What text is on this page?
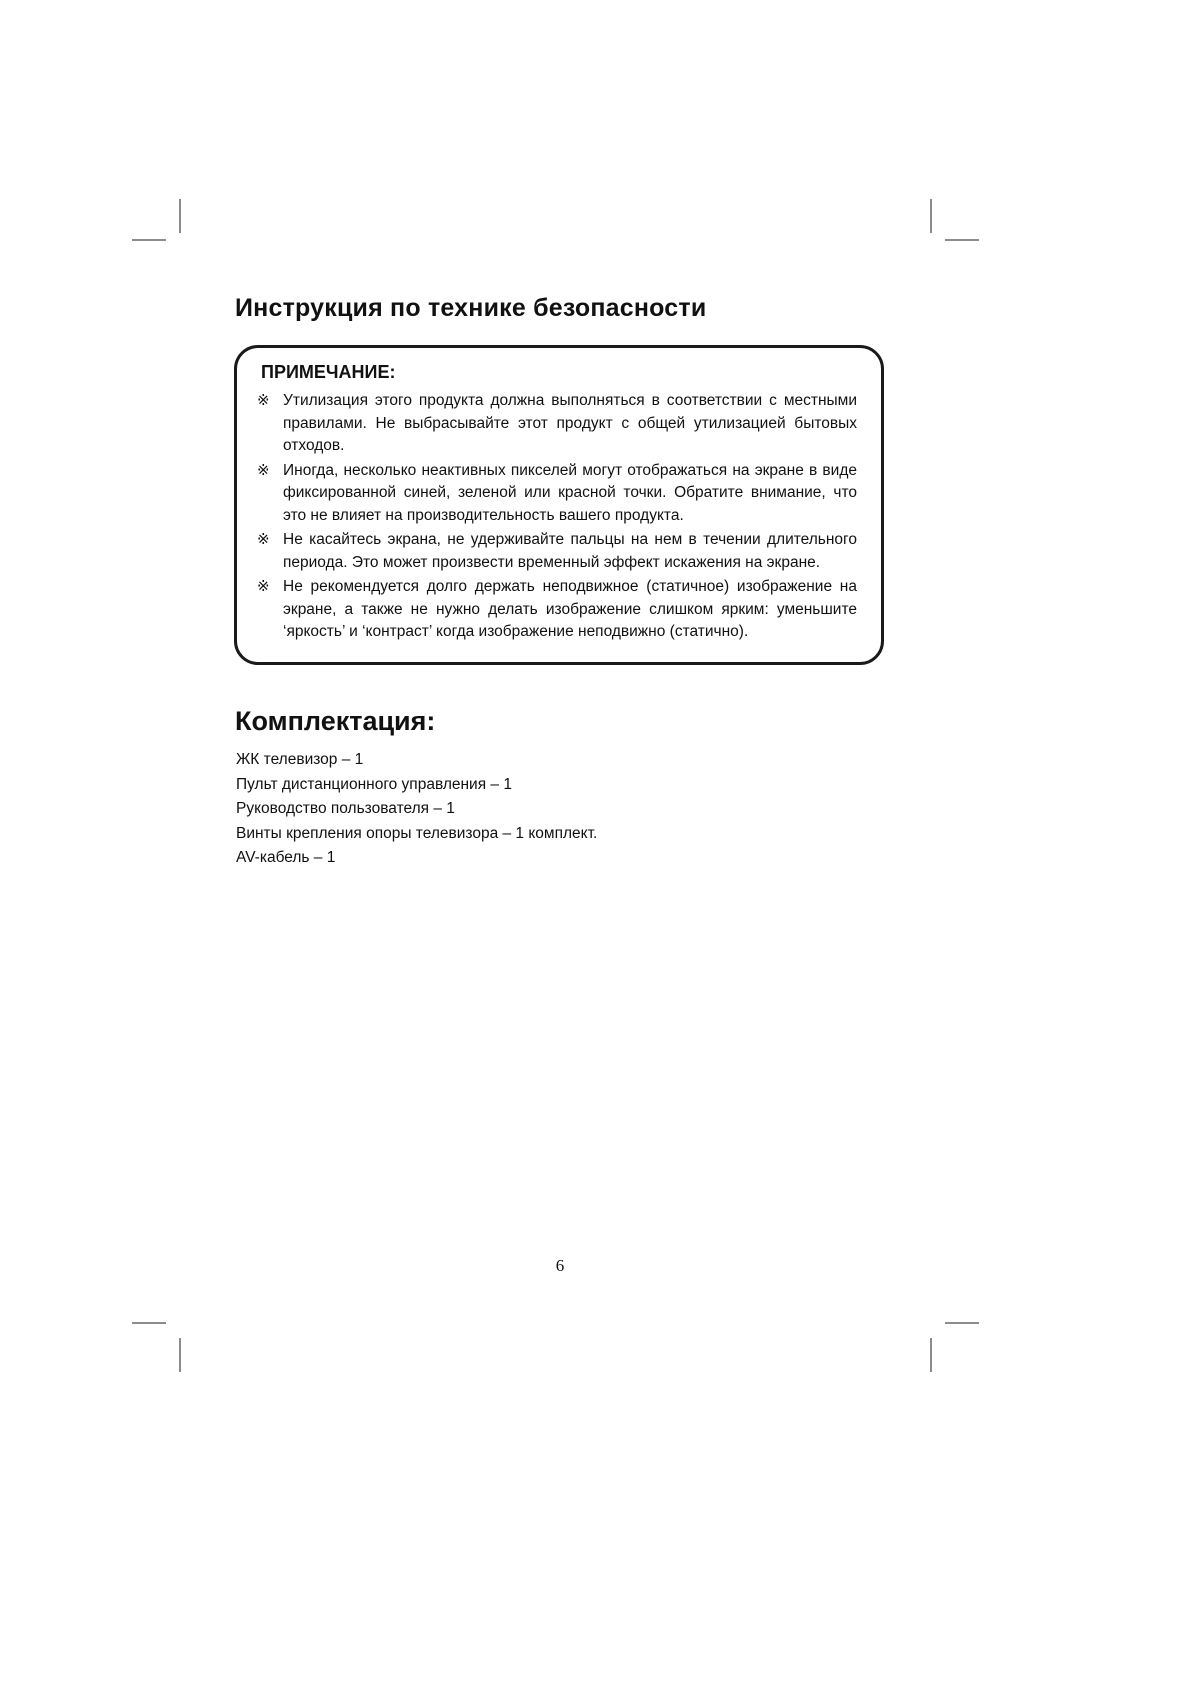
Инструкция по технике безопасности
ПРИМЕЧАНИЕ:
※ Утилизация этого продукта должна выполняться в соответствии с местными правилами. Не выбрасывайте этот продукт с общей утилизацией бытовых отходов.
※ Иногда, несколько неактивных пикселей могут отображаться на экране в виде фиксированной синей, зеленой или красной точки. Обратите внимание, что это не влияет на производительность вашего продукта.
※ Не касайтесь экрана, не удерживайте пальцы на нем в течении длительного периода. Это может произвести временный эффект искажения на экране.
※ Не рекомендуется долго держать неподвижное (статичное) изображение на экране, а также не нужно делать изображение слишком ярким: уменьшите ‘яркость’ и ‘контраст’ когда изображение неподвижно (статично).
Комплектация:
ЖК телевизор – 1
Пульт дистанционного управления – 1
Руководство пользователя – 1
Винты крепления опоры телевизора – 1 комплект.
AV-кабель – 1
6
